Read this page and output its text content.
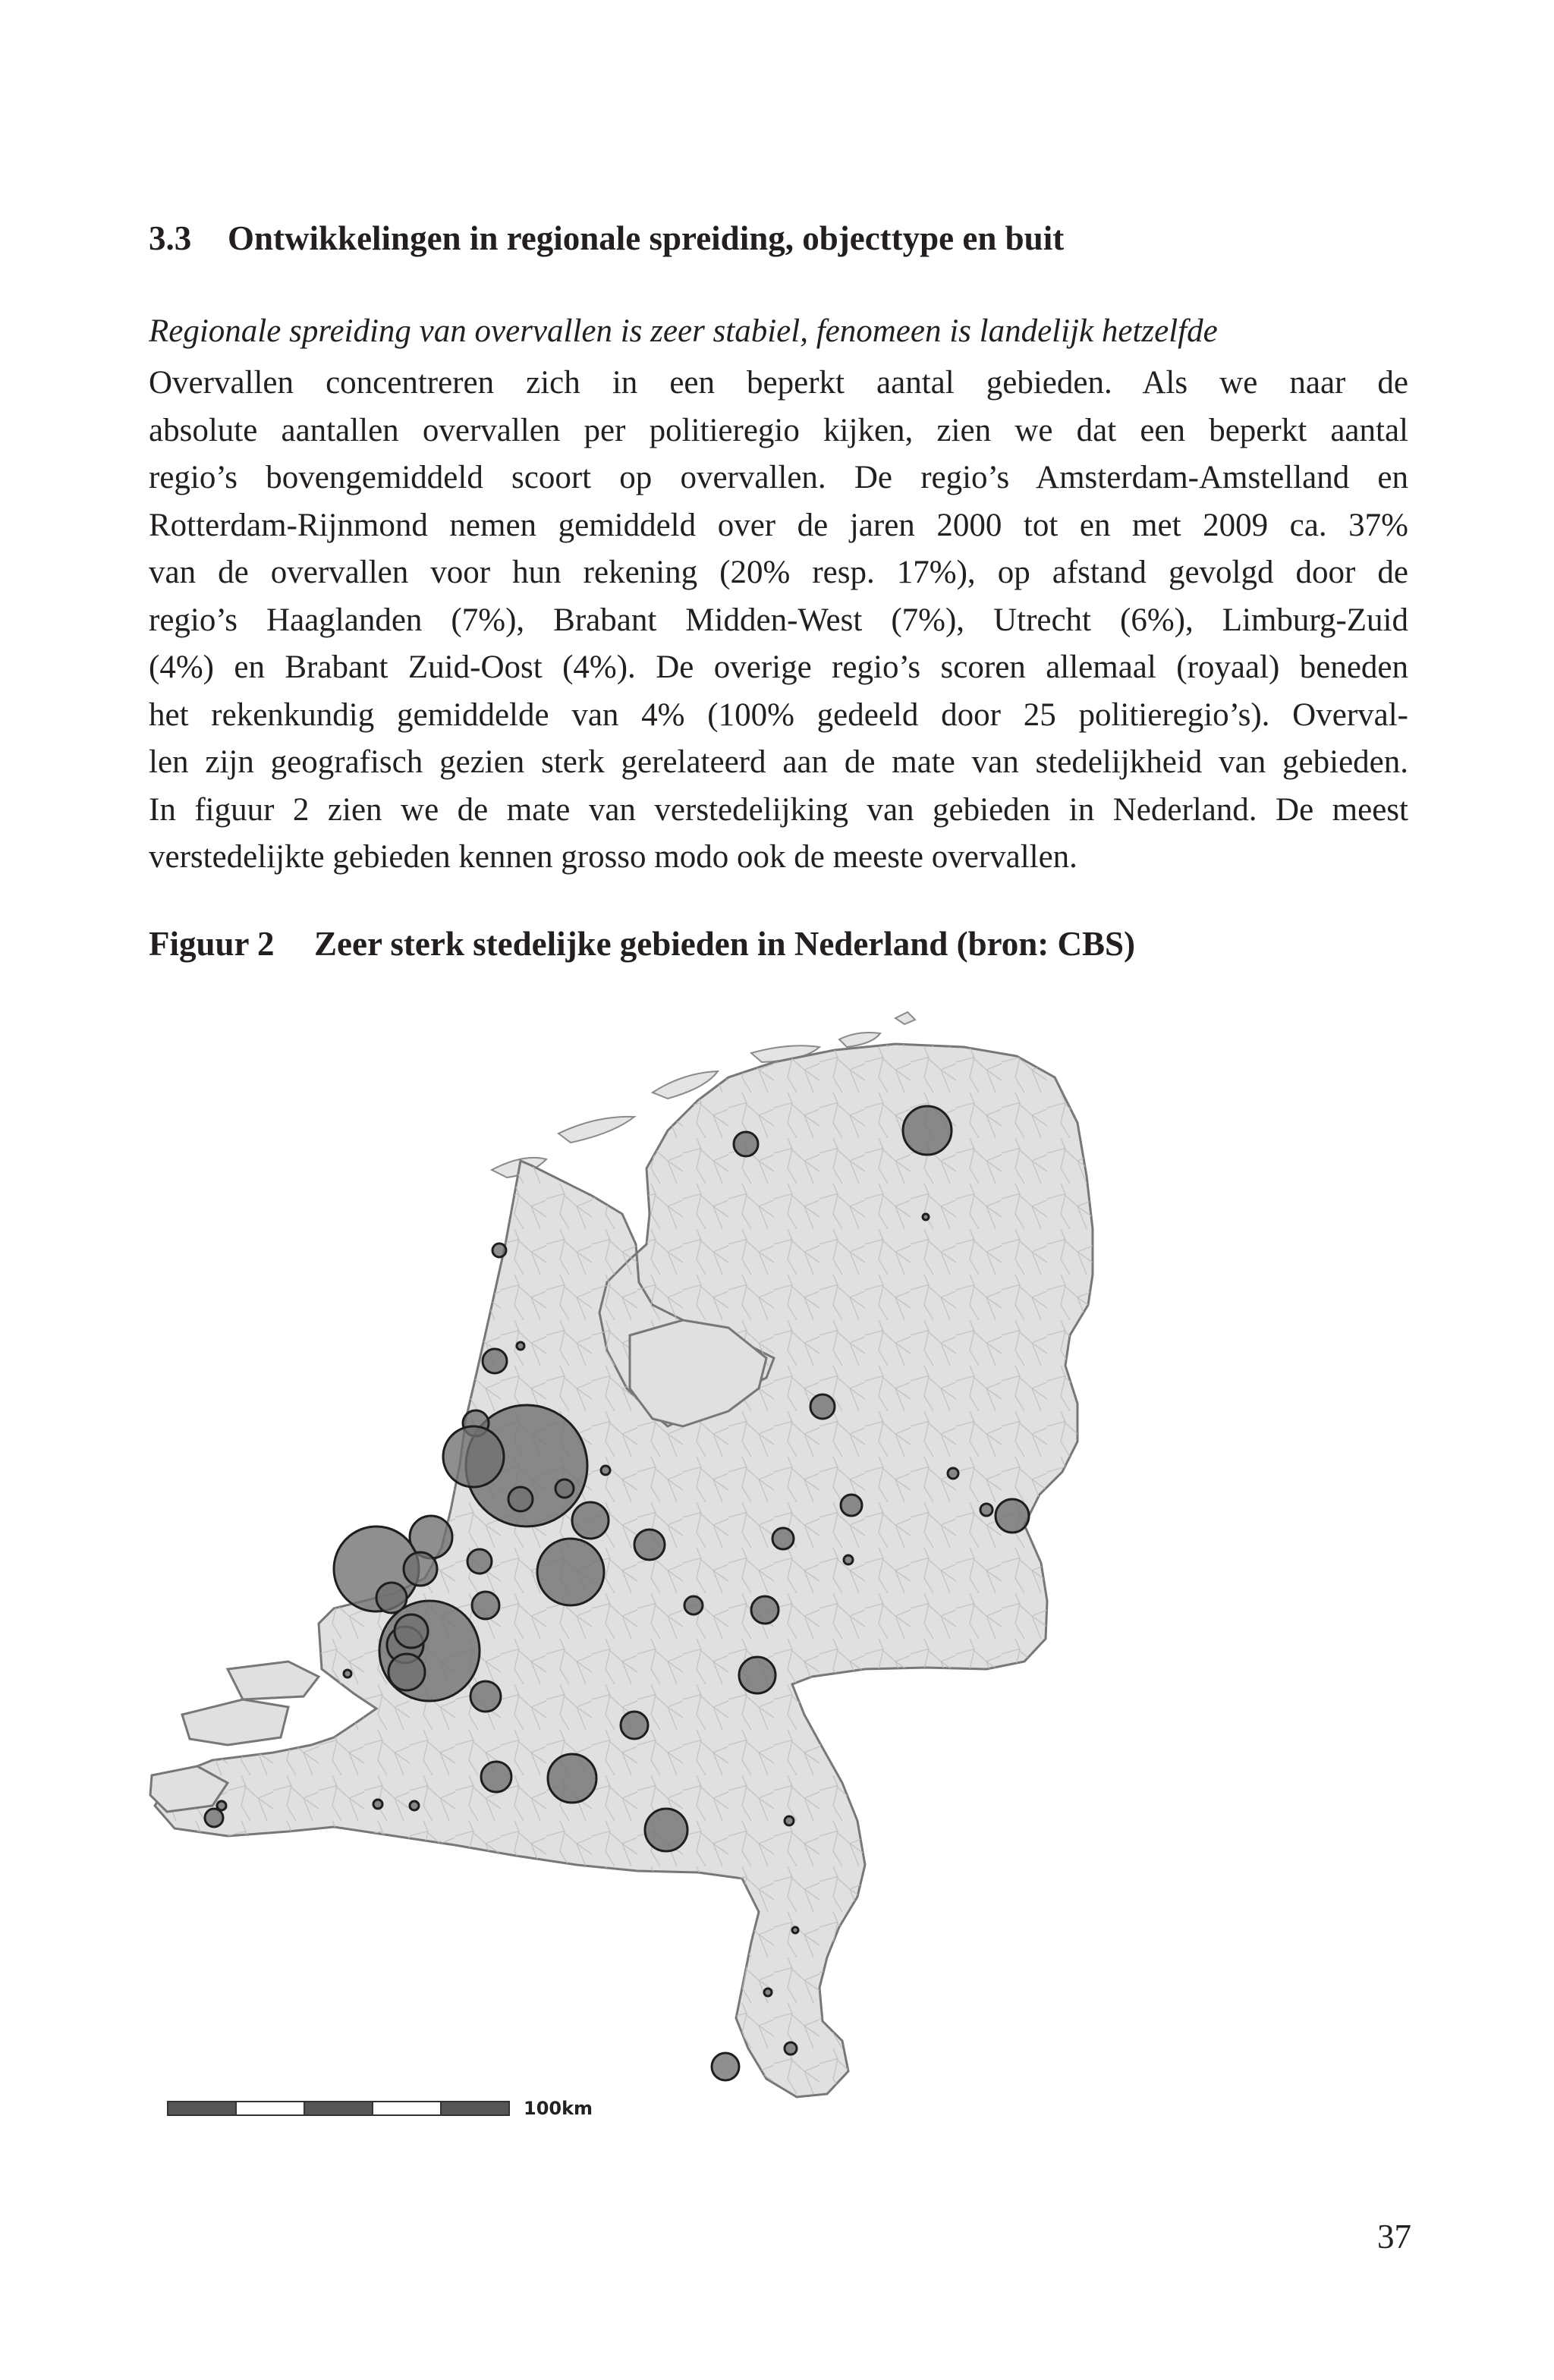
3.3 Ontwikkelingen in regionale spreiding, objecttype en buit

Regionale spreiding van overvallen is zeer stabiel, fenomeen is landelijk hetzelfde

Overvallen concentreren zich in een beperkt aantal gebieden. Als we naar de
absolute aantallen overvallen per politieregio kijken, zien we dat een beperkt aantal
regio’s bovengemiddeld scoort op overvallen. De regio’s Amsterdam-Amstelland en
Rotterdam-Rijnmond nemen gemiddeld over de jaren 2000 tot en met 2009 ca. 37%
van de overvallen voor hun rekening (20% resp. 17%), op afstand gevolgd door de
regio’s Haaglanden (7%), Brabant Midden-West (7%), Utrecht (6%), Limburg-Zuid
(4%) en Brabant Zuid-Oost (4%). De overige regio’s scoren allemaal (royaal) beneden
het rekenkundig gemiddelde van 4% (100% gedeeld door 25 politieregio’s). Overval-
len zijn geografisch gezien sterk gerelateerd aan de mate van stedelijkheid van gebieden.
In figuur 2 zien we de mate van verstedelijking van gebieden in Nederland. De meest
verstedelijkte gebieden kennen grosso modo ook de meeste overvallen.

Figuur 2 Zeer sterk stedelijke gebieden in Nederland (bron: CBS)

100km

37
